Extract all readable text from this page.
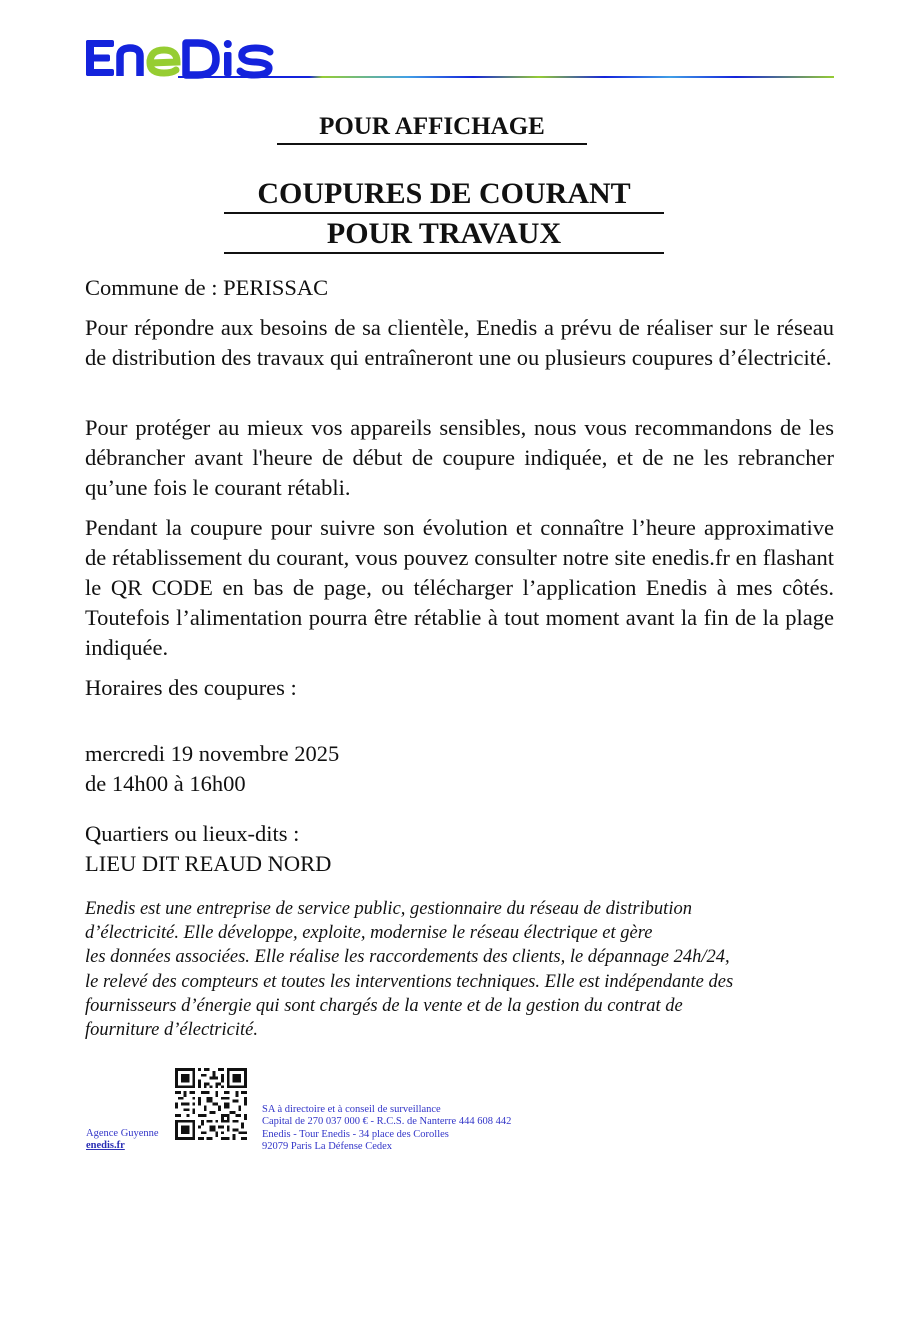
POUR AFFICHAGE
COUPURES DE COURANT
POUR TRAVAUX
Commune de : PERISSAC

Pour répondre aux besoins de sa clientèle, Enedis a prévu de réaliser sur le réseau de distribution des travaux qui entraîneront une ou plusieurs coupures d’électricité.

Pour protéger au mieux vos appareils sensibles, nous vous recommandons de les débrancher avant l'heure de début de coupure indiquée, et de ne les rebrancher qu’une fois le courant rétabli.

Pendant la coupure pour suivre son évolution et connaître l’heure approximative de rétablissement du courant, vous pouvez consulter notre site enedis.fr en flashant le QR CODE en bas de page, ou télécharger l’application Enedis à mes côtés. Toutefois l’alimentation pourra être rétablie à tout moment avant la fin de la plage indiquée.

Horaires des coupures :
mercredi 19 novembre 2025
de 14h00 à 16h00
Quartiers ou lieux-dits :
LIEU DIT REAUD NORD

Enedis est une entreprise de service public, gestionnaire du réseau de distribution

d’électricité. Elle développe, exploite, modernise le réseau électrique et gère

les données associées. Elle réalise les raccordements des clients, le dépannage 24h/24,

le relevé des compteurs et toutes les interventions techniques. Elle est indépendante des

fournisseurs d’énergie qui sont chargés de la vente et de la gestion du contrat de

fourniture d’électricité.

Agence Guyenne
enedis.fr
SA à directoire et à conseil de surveillance
Capital de 270 037 000 € - R.C.S. de Nanterre 444 608 442
Enedis - Tour Enedis - 34 place des Corolles
92079 Paris La Défense Cedex
